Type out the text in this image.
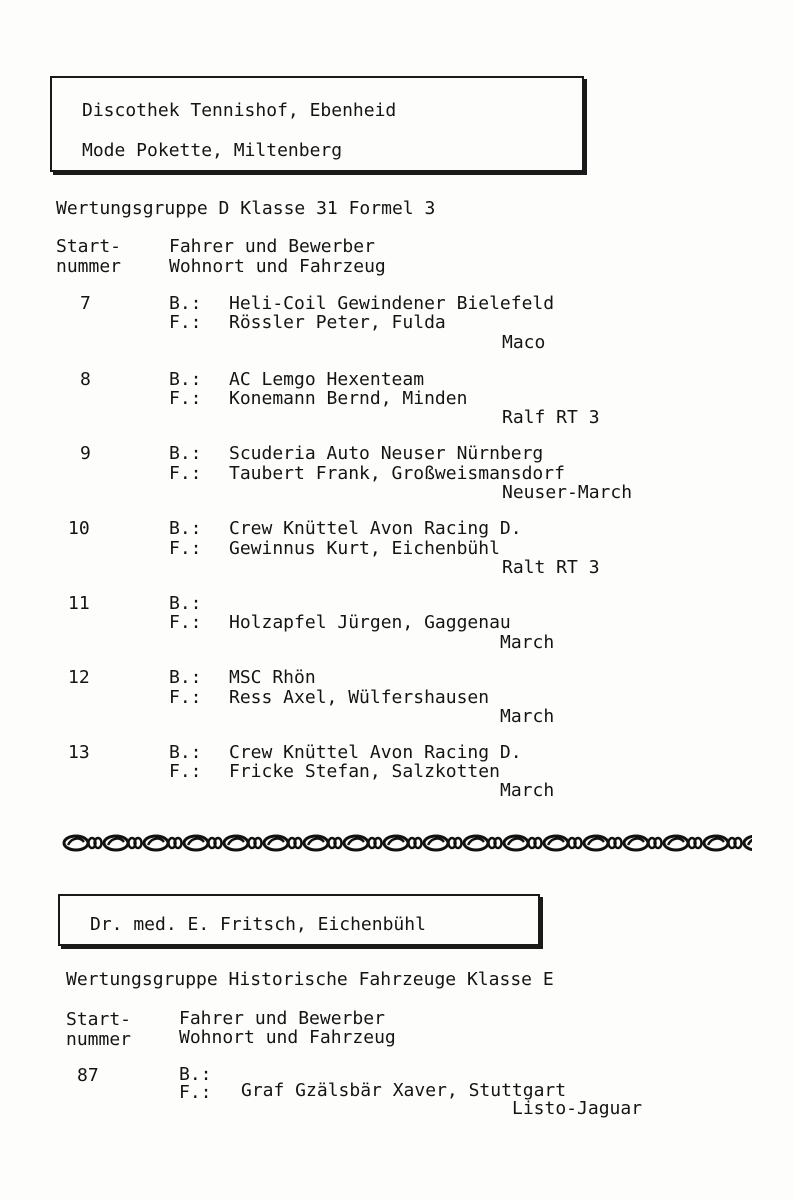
Discothek Tennishof, Ebenheid
Mode Pokette, Miltenberg
Wertungsgruppe D Klasse 31 Formel 3
Start-
nummer
Fahrer und Bewerber
Wohnort und Fahrzeug
7	B.: Heli-Coil Gewindener Bielefeld
F.: Rössler Peter, Fulda
Maco
8	B.: AC Lemgo Hexenteam
F.: Konemann Bernd, Minden
Ralf RT 3
9	B.: Scuderia Auto Neuser Nürnberg
F.: Taubert Frank, Großweismansdorf
Neuser-March
10	B.: Crew Knüttel Avon Racing D.
F.: Gewinnus Kurt, Eichenbühl
Ralt RT 3
11	B.:
F.: Holzapfel Jürgen, Gaggenau
March
12	B.: MSC Rhön
F.: Ress Axel, Wülfershausen
March
13	B.: Crew Knüttel Avon Racing D.
F.: Fricke Stefan, Salzkotten
March
Dr. med. E. Fritsch, Eichenbühl
Wertungsgruppe Historische Fahrzeuge Klasse E
Start-
nummer
Fahrer und Bewerber
Wohnort und Fahrzeug
87	B.:
F.: Graf Gzälsbär Xaver, Stuttgart
Listo-Jaguar
